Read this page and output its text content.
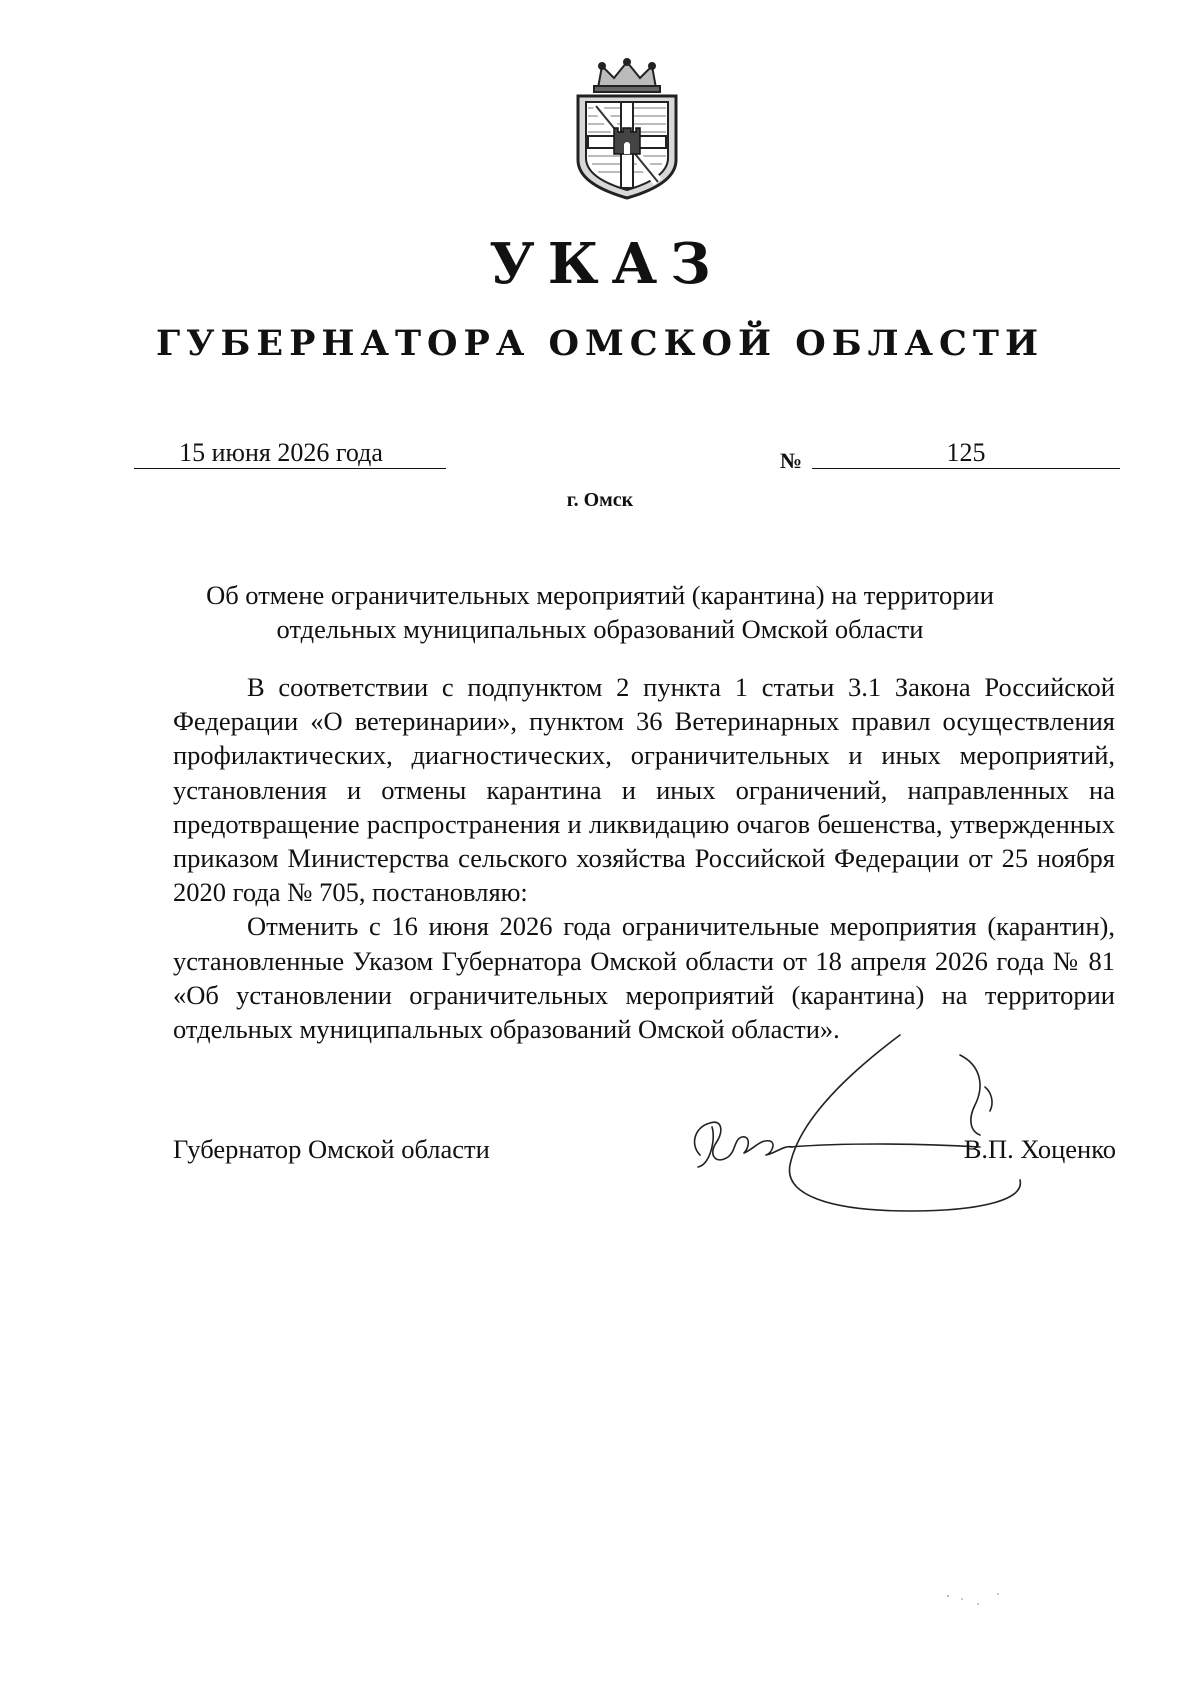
УКАЗ
ГУБЕРНАТОРА ОМСКОЙ ОБЛАСТИ
15 июня 2026 года	№	125
г. Омск
Об отмене ограничительных мероприятий (карантина) на территории
отдельных муниципальных образований Омской области

В соответствии с подпунктом 2 пункта 1 статьи 3.1 Закона Российской Федерации «О ветеринарии», пунктом 36 Ветеринарных правил осуществления профилактических, диагностических, ограничительных и иных мероприятий, установления и отмены карантина и иных ограничений, направленных на предотвращение распространения и ликвидацию очагов бешенства, утвержденных приказом Министерства сельского хозяйства Российской Федерации от 25 ноября 2020 года № 705, постановляю:

Отменить с 16 июня 2026 года ограничительные мероприятия (карантин), установленные Указом Губернатора Омской области от 18 апреля 2026 года № 81 «Об установлении ограничительных мероприятий (карантина) на территории отдельных муниципальных образований Омской области».

Губернатор Омской области	В.П. Хоценко
